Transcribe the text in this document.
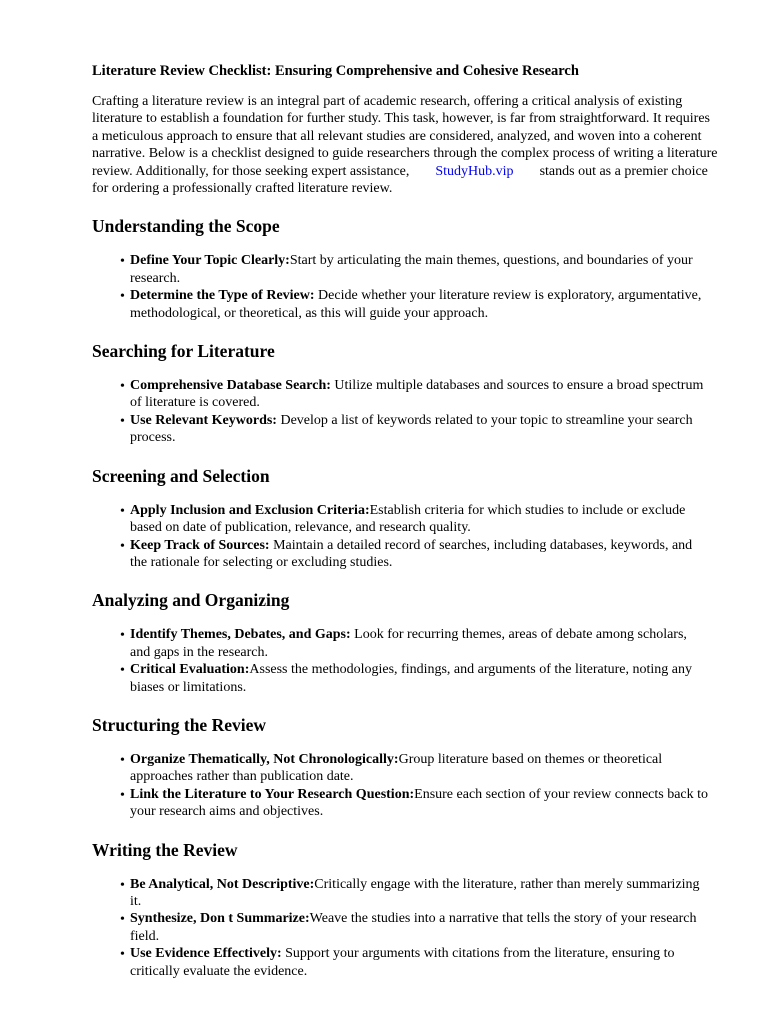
Literature Review Checklist: Ensuring Comprehensive and Cohesive Research

Crafting a literature review is an integral part of academic research, offering a critical analysis of existing literature to establish a foundation for further study. This task, however, is far from straightforward. It requires a meticulous approach to ensure that all relevant studies are considered, analyzed, and woven into a coherent narrative. Below is a checklist designed to guide researchers through the complex process of writing a literature review. Additionally, for those seeking expert assistance, StudyHub.vip stands out as a premier choice for ordering a professionally crafted literature review.

Understanding the Scope
• Define Your Topic Clearly:Start by articulating the main themes, questions, and boundaries of your research.
• Determine the Type of Review: Decide whether your literature review is exploratory, argumentative, methodological, or theoretical, as this will guide your approach.
Searching for Literature
• Comprehensive Database Search: Utilize multiple databases and sources to ensure a broad spectrum of literature is covered.
• Use Relevant Keywords: Develop a list of keywords related to your topic to streamline your search process.
Screening and Selection
• Apply Inclusion and Exclusion Criteria:Establish criteria for which studies to include or exclude based on date of publication, relevance, and research quality.
• Keep Track of Sources: Maintain a detailed record of searches, including databases, keywords, and the rationale for selecting or excluding studies.
Analyzing and Organizing
• Identify Themes, Debates, and Gaps: Look for recurring themes, areas of debate among scholars, and gaps in the research.
• Critical Evaluation:Assess the methodologies, findings, and arguments of the literature, noting any biases or limitations.
Structuring the Review
• Organize Thematically, Not Chronologically:Group literature based on themes or theoretical approaches rather than publication date.
• Link the Literature to Your Research Question:Ensure each section of your review connects back to your research aims and objectives.
Writing the Review
• Be Analytical, Not Descriptive:Critically engage with the literature, rather than merely summarizing it.
• Synthesize, Don t Summarize:Weave the studies into a narrative that tells the story of your research field.
• Use Evidence Effectively: Support your arguments with citations from the literature, ensuring to critically evaluate the evidence.
